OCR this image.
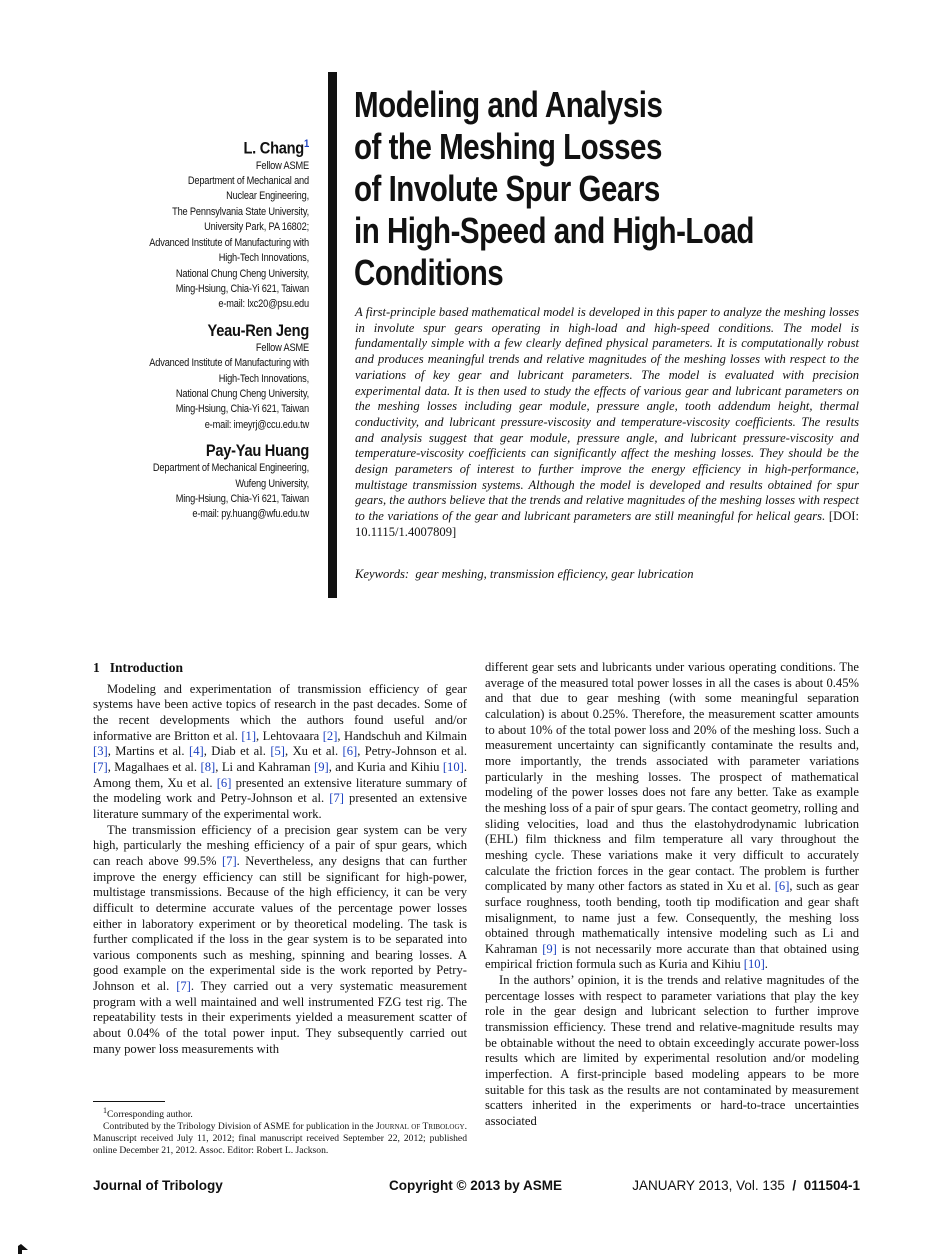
L. Chang$^1$
Fellow ASME
Department of Mechanical and
Nuclear Engineering,
The Pennsylvania State University,
University Park, PA 16802;
Advanced Institute of Manufacturing with
High-Tech Innovations,
National Chung Cheng University,
Ming-Hsiung, Chia-Yi 621, Taiwan
e-mail: lxc20@psu.edu
Yeau-Ren Jeng
Fellow ASME
Advanced Institute of Manufacturing with
High-Tech Innovations,
National Chung Cheng University,
Ming-Hsiung, Chia-Yi 621, Taiwan
e-mail: imeyrj@ccu.edu.tw
Pay-Yau Huang
Department of Mechanical Engineering,
Wufeng University,
Ming-Hsiung, Chia-Yi 621, Taiwan
e-mail: py.huang@wfu.edu.tw
Modeling and Analysis
of the Meshing Losses
of Involute Spur Gears
in High-Speed and High-Load
Conditions
A first-principle based mathematical model is developed in this paper to analyze the meshing losses in involute spur gears operating in high-load and high-speed conditions. The model is fundamentally simple with a few clearly defined physical parameters. It is computationally robust and produces meaningful trends and relative magnitudes of the meshing losses with respect to the variations of key gear and lubricant parameters. The model is evaluated with precision experimental data. It is then used to study the effects of various gear and lubricant parameters on the meshing losses including gear module, pressure angle, tooth addendum height, thermal conductivity, and lubricant pressure-viscosity and temperature-viscosity coefficients. The results and analysis suggest that gear module, pressure angle, and lubricant pressure-viscosity and temperature-viscosity coefficients can significantly affect the meshing losses. They should be the design parameters of interest to further improve the energy efficiency in high-performance, multistage transmission systems. Although the model is developed and results obtained for spur gears, the authors believe that the trends and relative magnitudes of the meshing losses with respect to the variations of the gear and lubricant parameters are still meaningful for helical gears. [DOI: 10.1115/1.4007809]
Keywords: gear meshing, transmission efficiency, gear lubrication
1 Introduction

Modeling and experimentation of transmission efficiency of gear systems have been active topics of research in the past decades. Some of the recent developments which the authors found useful and/or informative are Britton et al. [1], Lehtovaara [2], Handschuh and Kilmain [3], Martins et al. [4], Diab et al. [5], Xu et al. [6], Petry-Johnson et al. [7], Magalhaes et al. [8], Li and Kahraman [9], and Kuria and Kihiu [10]. Among them, Xu et al. [6] presented an extensive literature summary of the modeling work and Petry-Johnson et al. [7] presented an extensive literature summary of the experimental work.

The transmission efficiency of a precision gear system can be very high, particularly the meshing efficiency of a pair of spur gears, which can reach above 99.5% [7]. Nevertheless, any designs that can further improve the energy efficiency can still be significant for high-power, multistage transmissions. Because of the high efficiency, it can be very difficult to determine accurate values of the percentage power losses either in laboratory experiment or by theoretical modeling. The task is further complicated if the loss in the gear system is to be separated into various components such as meshing, spinning and bearing losses. A good example on the experimental side is the work reported by Petry-Johnson et al. [7]. They carried out a very systematic measurement program with a well maintained and well instrumented FZG test rig. The repeatability tests in their experiments yielded a measurement scatter of about 0.04% of the total power input. They subsequently carried out many power loss measurements with

different gear sets and lubricants under various operating conditions. The average of the measured total power losses in all the cases is about 0.45% and that due to gear meshing (with some meaningful separation calculation) is about 0.25%. Therefore, the measurement scatter amounts to about 10% of the total power loss and 20% of the meshing loss. Such a measurement uncertainty can significantly contaminate the results and, more importantly, the trends associated with parameter variations particularly in the meshing losses. The prospect of mathematical modeling of the power losses does not fare any better. Take as example the meshing loss of a pair of spur gears. The contact geometry, rolling and sliding velocities, load and thus the elastohydrodynamic lubrication (EHL) film thickness and film temperature all vary throughout the meshing cycle. These variations make it very difficult to accurately calculate the friction forces in the gear contact. The problem is further complicated by many other factors as stated in Xu et al. [6], such as gear surface roughness, tooth bending, tooth tip modification and gear shaft misalignment, to name just a few. Consequently, the meshing loss obtained through mathematically intensive modeling such as Li and Kahraman [9] is not necessarily more accurate than that obtained using empirical friction formula such as Kuria and Kihiu [10].

In the authors’ opinion, it is the trends and relative magnitudes of the percentage losses with respect to parameter variations that play the key role in the gear design and lubricant selection to further improve transmission efficiency. These trend and relative-magnitude results may be obtainable without the need to obtain exceedingly accurate power-loss results which are limited by experimental resolution and/or modeling imperfection. A first-principle based modeling appears to be more suitable for this task as the results are not contaminated by measurement scatters inherited in the experiments or hard-to-trace uncertainties associated

$^1$Corresponding author.

Contributed by the Tribology Division of ASME for publication in the Journal of Tribology. Manuscript received July 11, 2012; final manuscript received September 22, 2012; published online December 21, 2012. Assoc. Editor: Robert L. Jackson.

Journal of Tribology	Copyright © 2013 by ASME	JANUARY 2013, Vol. 135 / 011504-1
